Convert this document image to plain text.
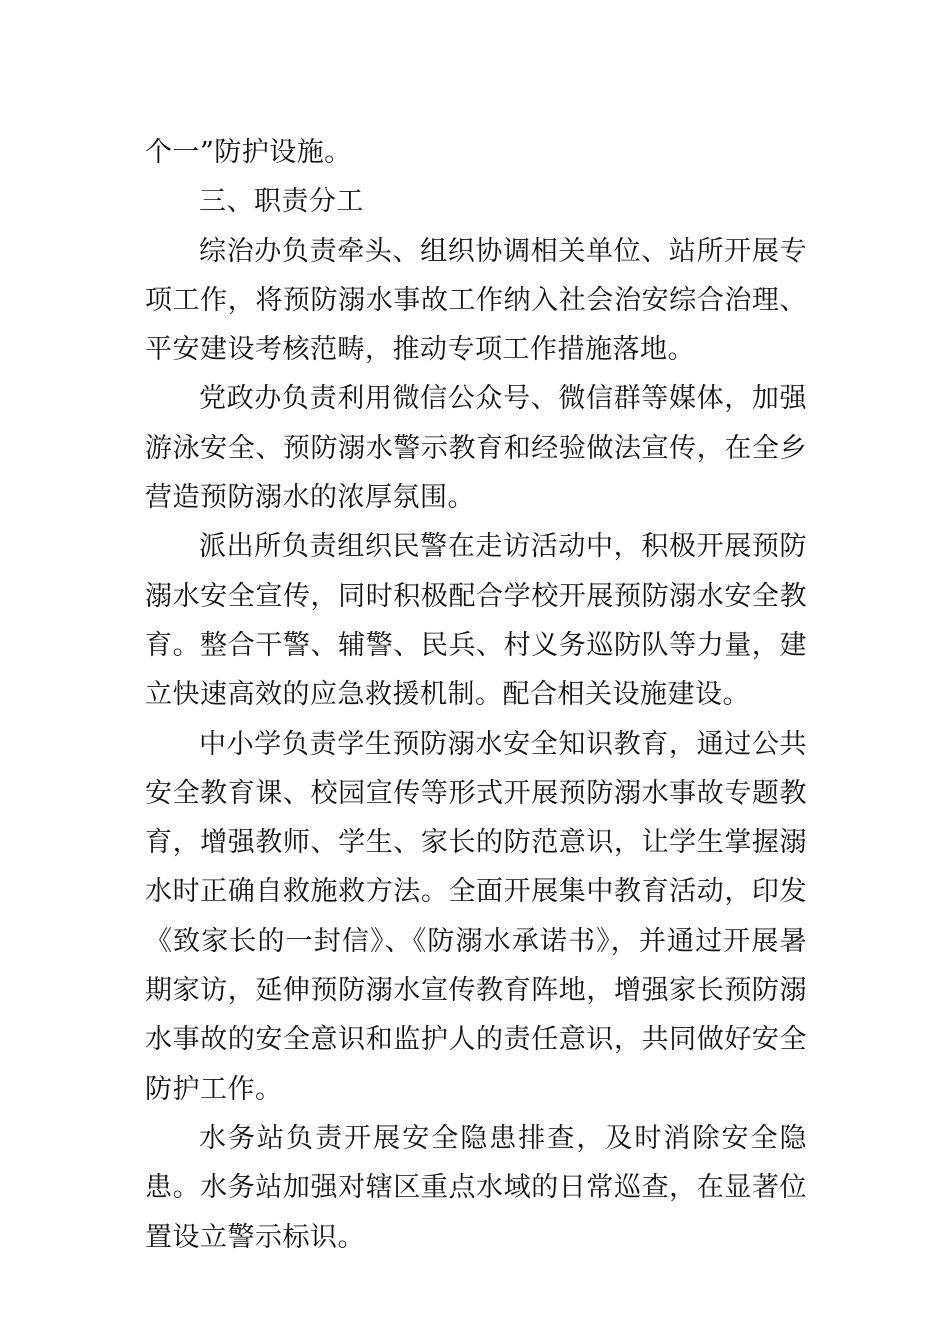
个一”防护设施。

三、职责分工

综治办负责牵头、组织协调相关单位、站所开展专项工作，将预防溺水事故工作纳入社会治安综合治理、平安建设考核范畴，推动专项工作措施落地。

党政办负责利用微信公众号、微信群等媒体，加强游泳安全、预防溺水警示教育和经验做法宣传，在全乡营造预防溺水的浓厚氛围。

派出所负责组织民警在走访活动中，积极开展预防溺水安全宣传，同时积极配合学校开展预防溺水安全教育。整合干警、辅警、民兵、村义务巡防队等力量，建立快速高效的应急救援机制。配合相关设施建设。

中小学负责学生预防溺水安全知识教育，通过公共安全教育课、校园宣传等形式开展预防溺水事故专题教育，增强教师、学生、家长的防范意识，让学生掌握溺水时正确自救施救方法。全面开展集中教育活动，印发《致家长的一封信》、《防溺水承诺书》，并通过开展暑期家访，延伸预防溺水宣传教育阵地，增强家长预防溺水事故的安全意识和监护人的责任意识，共同做好安全防护工作。

水务站负责开展安全隐患排查，及时消除安全隐患。水务站加强对辖区重点水域的日常巡查，在显著位置设立警示标识。
